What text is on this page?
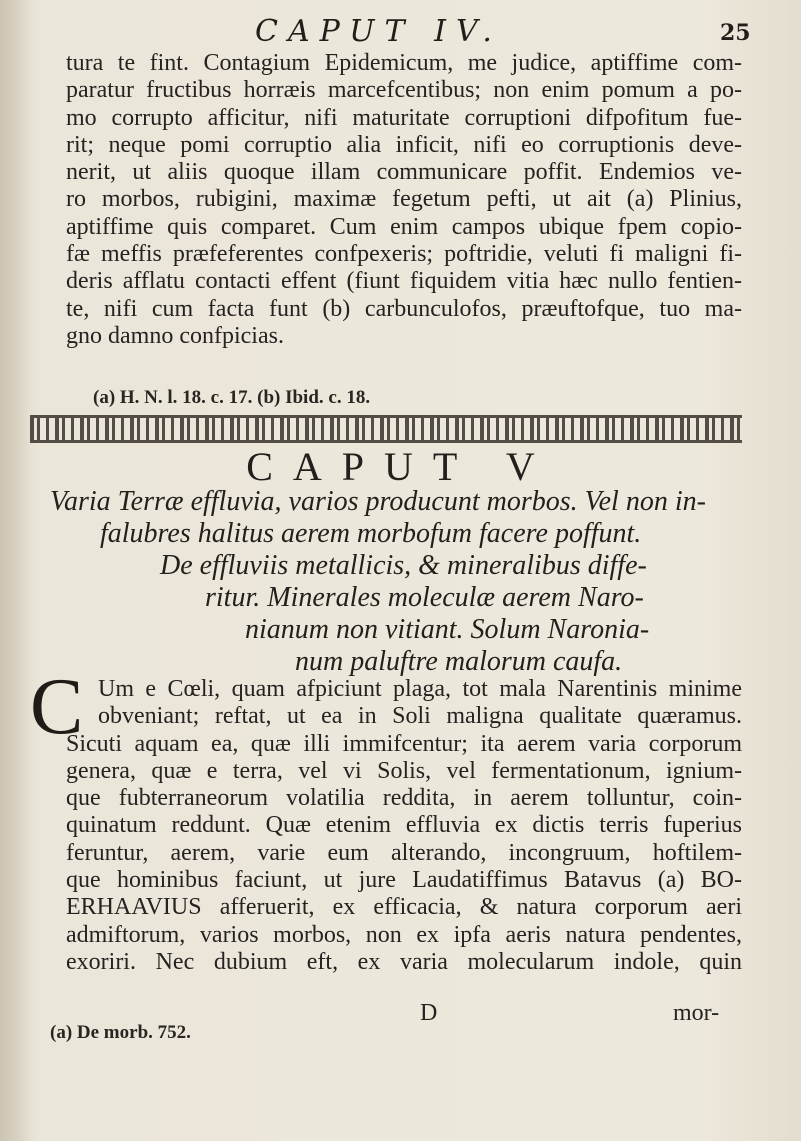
CAPUT IV.	25
tura te fint. Contagium Epidemicum, me judice, aptiffime com-
paratur fructibus horræis marcefcentibus; non enim pomum a po-
mo corrupto afficitur, nifi maturitate corruptioni difpofitum fue-
rit; neque pomi corruptio alia inficit, nifi eo corruptionis deve-
nerit, ut aliis quoque illam communicare poffit. Endemios ve-
ro morbos, rubigini, maximæ fegetum pefti, ut ait (a) Plinius,
aptiffime quis comparet. Cum enim campos ubique fpem copio-
fæ meffis præfeferentes confpexeris; poftridie, veluti fi maligni fi-
deris afflatu contacti effent (fiunt fiquidem vitia hæc nullo fentien-
te, nifi cum facta funt (b) carbunculofos, præuftofque, tuo ma-
gno damno confpicias.
(a) H. N. l. 18. c. 17. (b) Ibid. c. 18.
CAPUT V
Varia Terræ effluvia, varios producunt morbos. Vel non in-
falubres halitus aerem morbofum facere poffunt.
De effluviis metallicis, & mineralibus diffe-
ritur. Minerales moleculæ aerem Naro-
nianum non vitiant. Solum Naronia-
num paluftre malorum caufa.
C Um e Cœli, quam afpiciunt plaga, tot mala Narentinis minime
obveniant; reftat, ut ea in Soli maligna qualitate quæramus.
Sicuti aquam ea, quæ illi immifcentur; ita aerem varia corporum
genera, quæ e terra, vel vi Solis, vel fermentationum, ignium-
que fubterraneorum volatilia reddita, in aerem tolluntur, coin-
quinatum reddunt. Quæ etenim effluvia ex dictis terris fuperius
feruntur, aerem, varie eum alterando, incongruum, hoftilem-
que hominibus faciunt, ut jure Laudatiffimus Batavus (a) BO-
ERHAAVIUS afferuerit, ex efficacia, & natura corporum aeri
admiftorum, varios morbos, non ex ipfa aeris natura pendentes,
exoriri. Nec dubium eft, ex varia molecularum indole, quin
D	mor-
(a) De morb. 752.
